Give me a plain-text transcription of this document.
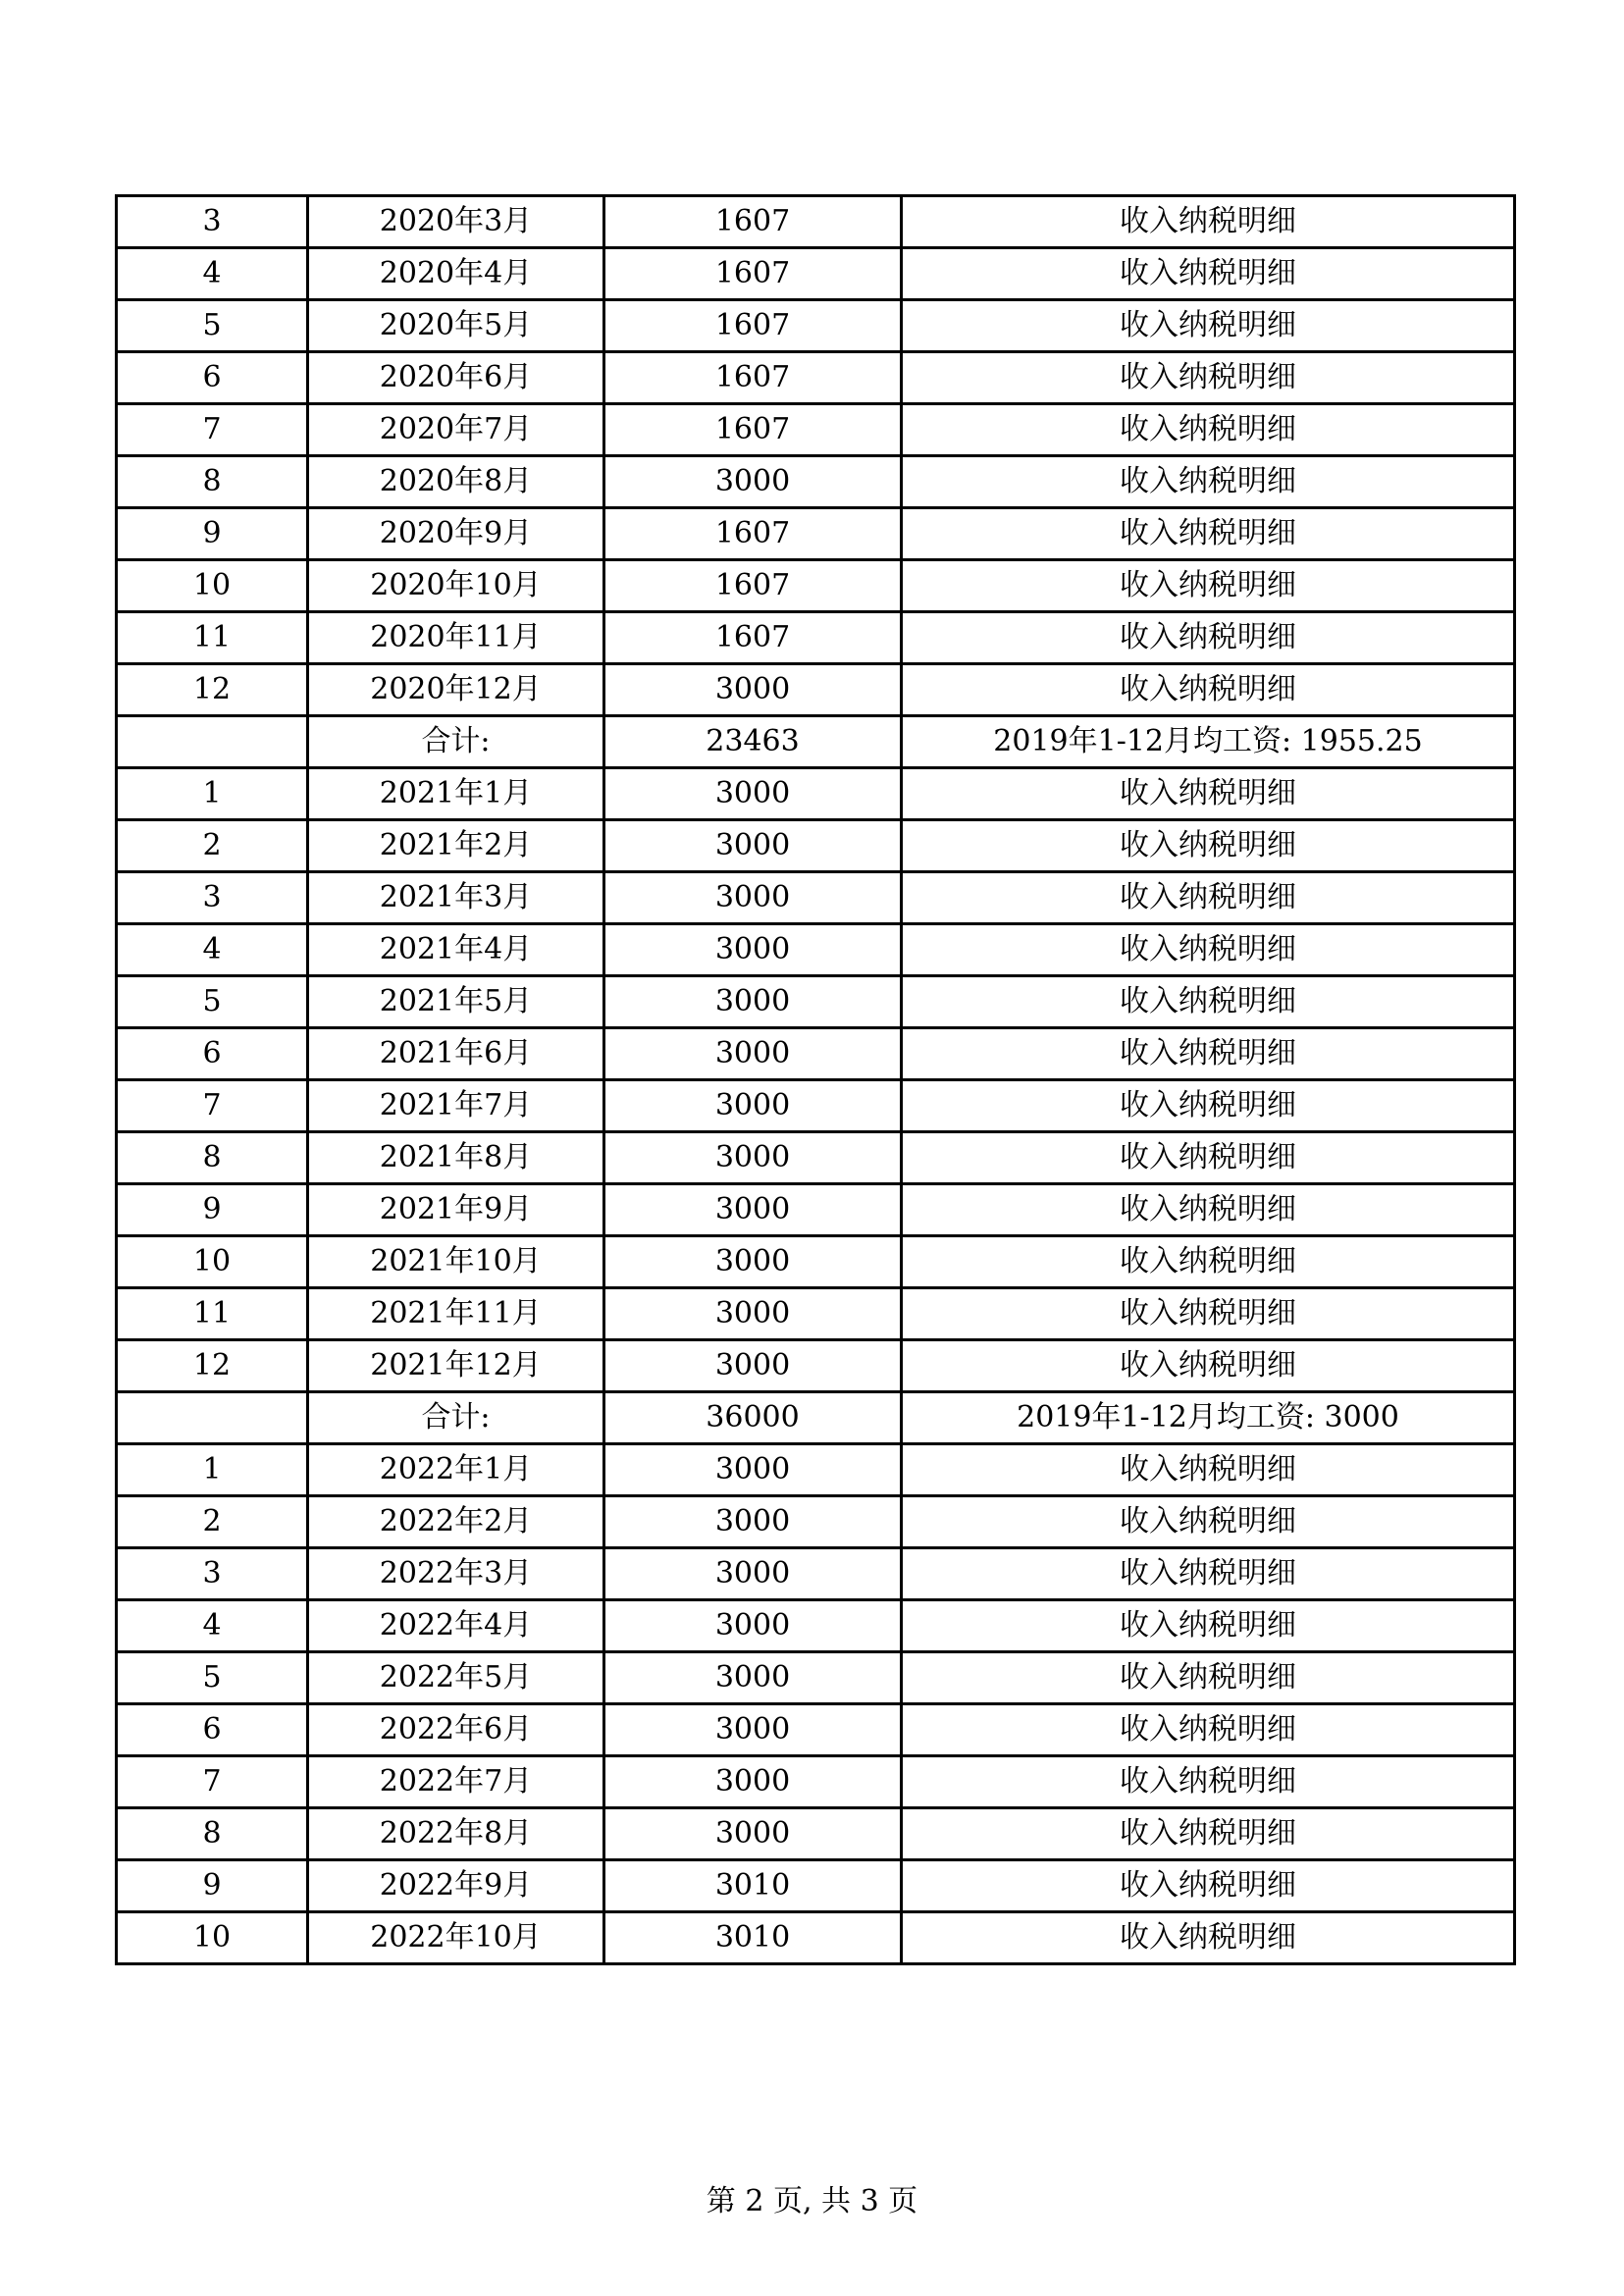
3	2020年3月	1607	收入纳税明细
4	2020年4月	1607	收入纳税明细
5	2020年5月	1607	收入纳税明细
6	2020年6月	1607	收入纳税明细
7	2020年7月	1607	收入纳税明细
8	2020年8月	3000	收入纳税明细
9	2020年9月	1607	收入纳税明细
10	2020年10月	1607	收入纳税明细
11	2020年11月	1607	收入纳税明细
12	2020年12月	3000	收入纳税明细
	合计:	23463	2019年1-12月均工资: 1955.25
1	2021年1月	3000	收入纳税明细
2	2021年2月	3000	收入纳税明细
3	2021年3月	3000	收入纳税明细
4	2021年4月	3000	收入纳税明细
5	2021年5月	3000	收入纳税明细
6	2021年6月	3000	收入纳税明细
7	2021年7月	3000	收入纳税明细
8	2021年8月	3000	收入纳税明细
9	2021年9月	3000	收入纳税明细
10	2021年10月	3000	收入纳税明细
11	2021年11月	3000	收入纳税明细
12	2021年12月	3000	收入纳税明细
	合计:	36000	2019年1-12月均工资: 3000
1	2022年1月	3000	收入纳税明细
2	2022年2月	3000	收入纳税明细
3	2022年3月	3000	收入纳税明细
4	2022年4月	3000	收入纳税明细
5	2022年5月	3000	收入纳税明细
6	2022年6月	3000	收入纳税明细
7	2022年7月	3000	收入纳税明细
8	2022年8月	3000	收入纳税明细
9	2022年9月	3010	收入纳税明细
10	2022年10月	3010	收入纳税明细
第 2 页, 共 3 页
